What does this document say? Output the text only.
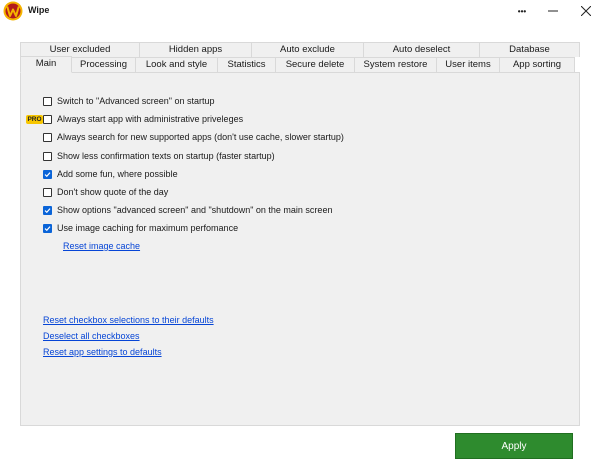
Wipe	•••
User excluded	Hidden apps	Auto exclude	Auto deselect	Database
Main	Processing	Look and style	Statistics	Secure delete	System restore	User items	App sorting
PRO
Switch to "Advanced screen" on startup
Always start app with administrative priveleges
Always search for new supported apps (don't use cache, slower startup)
Show less confirmation texts on startup (faster startup)
Add some fun, where possible
Don't show quote of the day
Show options "advanced screen" and "shutdown" on the main screen
Use image caching for maximum perfomance
Reset image cache
Reset checkbox selections to their defaults
Deselect all checkboxes
Reset app settings to defaults
Apply
